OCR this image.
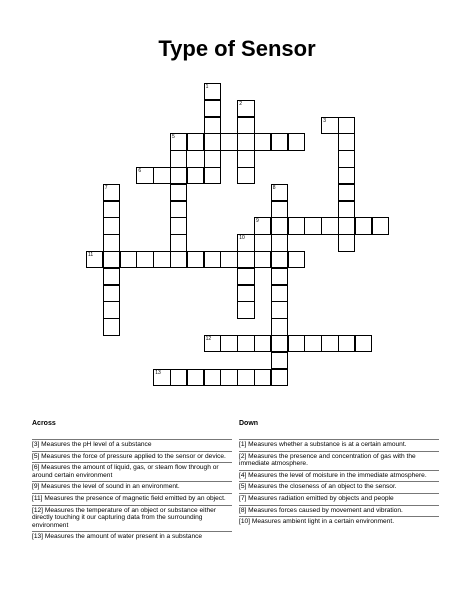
Type of Sensor
1
2
3
5
6
7	8
9
10
11
12
13
Across

[3] Measures the pH level of a substance

[5] Measures the force of pressure applied to the sensor or device.

[6] Measures the amount of liquid, gas, or steam flow through or around certain environment

[9] Measures the level of sound in an environment.

[11] Measures the presence of magnetic field emitted by an object.

[12] Measures the temperature of an object or substance either directly touching it our capturing data from the surrounding environment

[13] Measures the amount of water present in a substance

Down

[1] Measures whether a substance is at a certain amount.

[2] Measures the presence and concentration of gas with the immediate atmosphere.

[4] Measures the level of moisture in the immediate atmosphere.

[5] Measures the closeness of an object to the sensor.

[7] Measures radiation emitted by objects and people

[8] Measures forces caused by movement and vibration.

[10] Measures ambient light in a certain environment.
